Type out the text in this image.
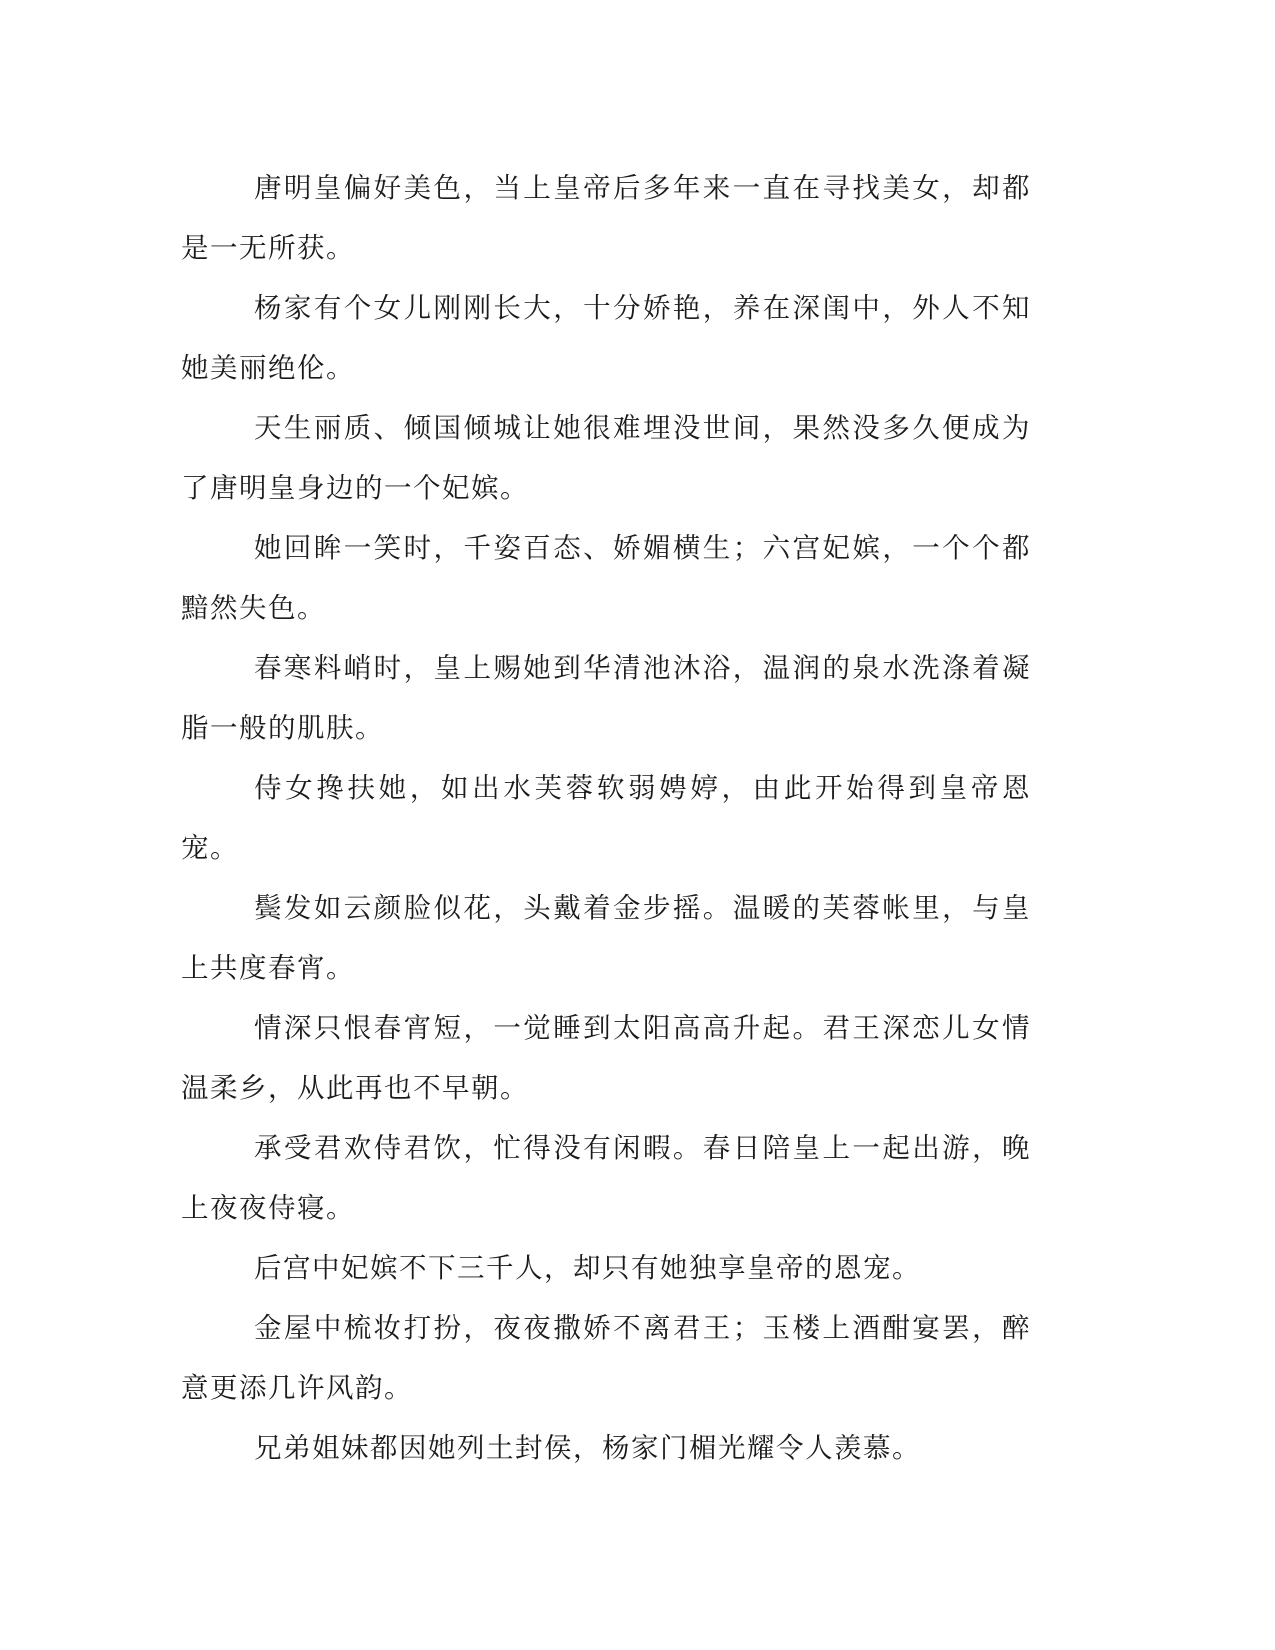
唐明皇偏好美色，当上皇帝后多年来一直在寻找美女，却都是一无所获。

杨家有个女儿刚刚长大，十分娇艳，养在深闺中，外人不知她美丽绝伦。

天生丽质、倾国倾城让她很难埋没世间，果然没多久便成为了唐明皇身边的一个妃嫔。

她回眸一笑时，千姿百态、娇媚横生；六宫妃嫔，一个个都黯然失色。

春寒料峭时，皇上赐她到华清池沐浴，温润的泉水洗涤着凝脂一般的肌肤。

侍女搀扶她，如出水芙蓉软弱娉婷，由此开始得到皇帝恩宠。

鬓发如云颜脸似花，头戴着金步摇。温暖的芙蓉帐里，与皇上共度春宵。

情深只恨春宵短，一觉睡到太阳高高升起。君王深恋儿女情温柔乡，从此再也不早朝。

承受君欢侍君饮，忙得没有闲暇。春日陪皇上一起出游，晚上夜夜侍寝。

后宫中妃嫔不下三千人，却只有她独享皇帝的恩宠。

金屋中梳妆打扮，夜夜撒娇不离君王；玉楼上酒酣宴罢，醉意更添几许风韵。

兄弟姐妹都因她列土封侯，杨家门楣光耀令人羡慕。
